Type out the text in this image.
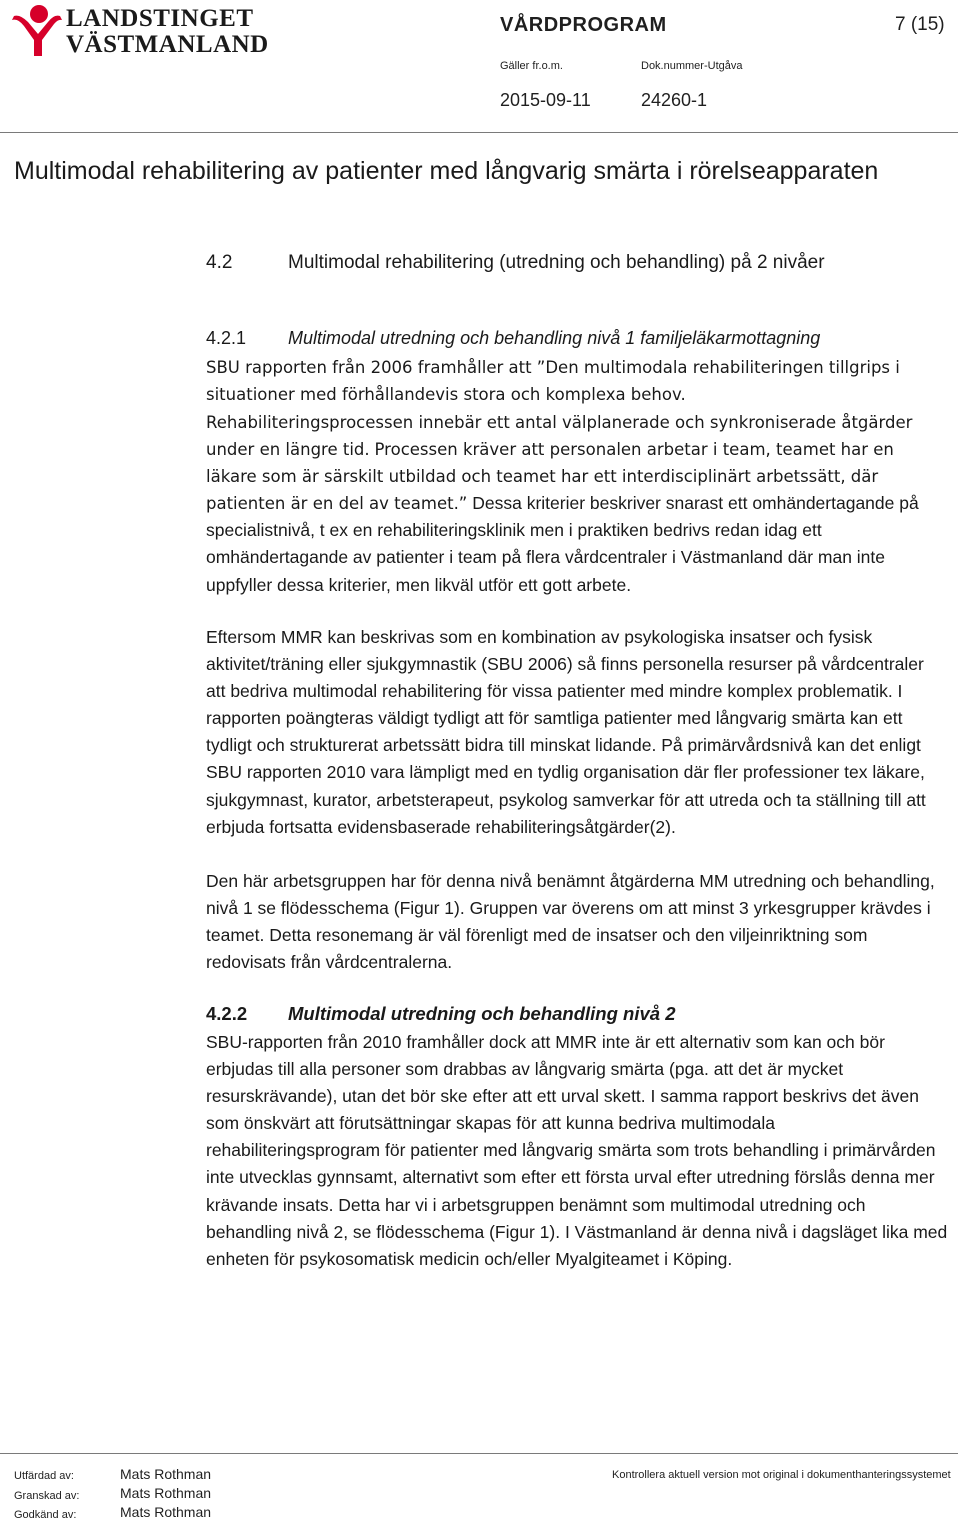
LANDSTINGET
VÄSTMANLAND
VÅRDPROGRAM	7 (15)
Gäller fr.o.m.	Dok.nummer-Utgåva
2015-09-11	24260-1
Multimodal rehabilitering av patienter med långvarig smärta i rörelseapparaten
4.2	Multimodal rehabilitering (utredning och behandling) på 2 nivåer
4.2.1 Multimodal utredning och behandling nivå 1 familjeläkarmottagning
SBU rapporten från 2006 framhåller att ”Den multimodala rehabiliteringen tillgrips i situationer med förhållandevis stora och komplexa behov.
Rehabiliteringsprocessen innebär ett antal välplanerade och synkroniserade åtgärder under en längre tid. Processen kräver att personalen arbetar i team, teamet har en läkare som är särskilt utbildad och teamet har ett interdisciplinärt arbetssätt, där patienten är en del av teamet.” Dessa kriterier beskriver snarast ett omhändertagande på specialistnivå, t ex en rehabiliteringsklinik men i praktiken bedrivs redan idag ett omhändertagande av patienter i team på flera vårdcentraler i Västmanland där man inte uppfyller dessa kriterier, men likväl utför ett gott arbete.
Eftersom MMR kan beskrivas som en kombination av psykologiska insatser och fysisk aktivitet/träning eller sjukgymnastik (SBU 2006) så finns personella resurser på vårdcentraler att bedriva multimodal rehabilitering för vissa patienter med mindre komplex problematik. I rapporten poängteras väldigt tydligt att för samtliga patienter med långvarig smärta kan ett tydligt och strukturerat arbetssätt bidra till minskat lidande. På primärvårdsnivå kan det enligt SBU rapporten 2010 vara lämpligt med en tydlig organisation där fler professioner tex läkare, sjukgymnast, kurator, arbetsterapeut, psykolog samverkar för att utreda och ta ställning till att erbjuda fortsatta evidensbaserade rehabiliteringsåtgärder(2).
Den här arbetsgruppen har för denna nivå benämnt åtgärderna MM utredning och behandling, nivå 1 se flödesschema (Figur 1). Gruppen var överens om att minst 3 yrkesgrupper krävdes i teamet. Detta resonemang är väl förenligt med de insatser och den viljeinriktning som redovisats från vårdcentralerna.
4.2.2 Multimodal utredning och behandling nivå 2
SBU-rapporten från 2010 framhåller dock att MMR inte är ett alternativ som kan och bör erbjudas till alla personer som drabbas av långvarig smärta (pga. att det är mycket resurskrävande), utan det bör ske efter att ett urval skett. I samma rapport beskrivs det även som önskvärt att förutsättningar skapas för att kunna bedriva multimodala rehabiliteringsprogram för patienter med långvarig smärta som trots behandling i primärvården inte utvecklas gynnsamt, alternativt som efter ett första urval efter utredning förslås denna mer krävande insats. Detta har vi i arbetsgruppen benämnt som multimodal utredning och behandling nivå 2, se flödesschema (Figur 1). I Västmanland är denna nivå i dagsläget lika med enheten för psykosomatisk medicin och/eller Myalgiteamet i Köping.
Utfärdad av:	Mats Rothman
Granskad av:	Mats Rothman
Godkänd av:	Mats Rothman
Kontrollera aktuell version mot original i dokumenthanteringssystemet
